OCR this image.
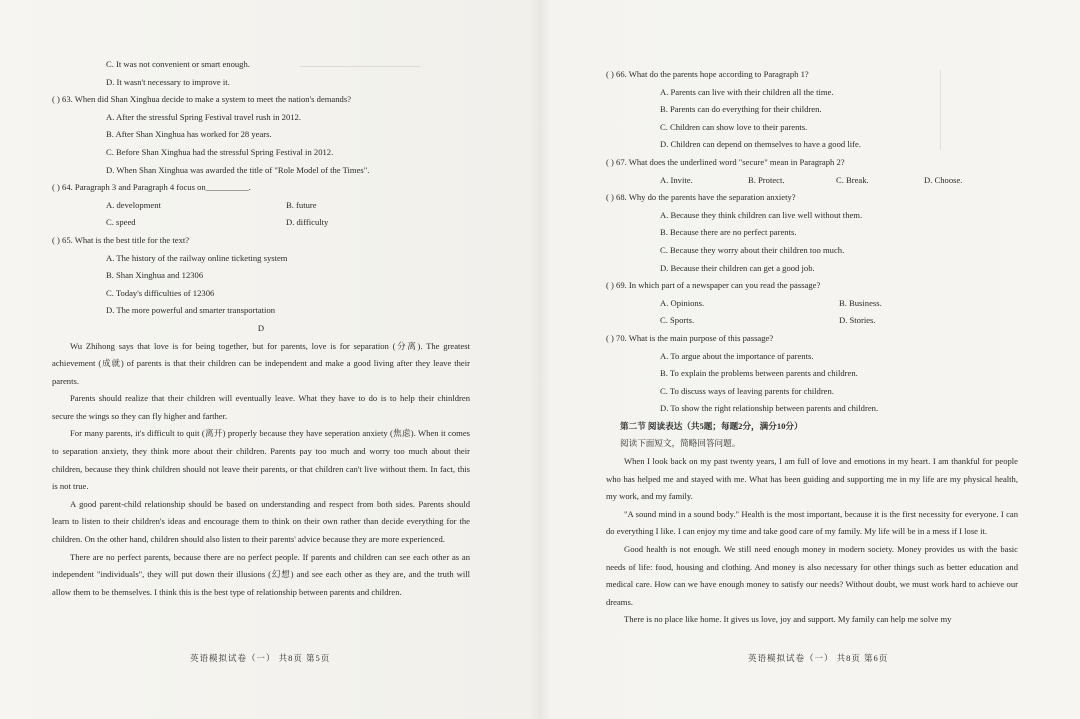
C. It was not convenient or smart enough.
D. It wasn't necessary to improve it.
( ) 63. When did Shan Xinghua decide to make a system to meet the nation's demands?
A. After the stressful Spring Festival travel rush in 2012.
B. After Shan Xinghua has worked for 28 years.
C. Before Shan Xinghua had the stressful Spring Festival in 2012.
D. When Shan Xinghua was awarded the title of "Role Model of the Times".
( ) 64. Paragraph 3 and Paragraph 4 focus on__________.
A. development	B. future
C. speed	D. difficulty
( ) 65. What is the best title for the text?
A. The history of the railway online ticketing system
B. Shan Xinghua and 12306
C. Today's difficulties of 12306
D. The more powerful and smarter transportation
D

Wu Zhihong says that love is for being together, but for parents, love is for separation (分离). The greatest achievement (成就) of parents is that their children can be independent and make a good living after they leave their parents.

Parents should realize that their children will eventually leave. What they have to do is to help their chinldren secure the wings so they can fly higher and farther.

For many parents, it's difficult to quit (离开) properly because they have seperation anxiety (焦虑). When it comes to separation anxiety, they think more about their children. Parents pay too much and worry too much about their children, because they think children should not leave their parents, or that children can't live without them. In fact, this is not true.

A good parent-child relationship should be based on understanding and respect from both sides. Parents should learn to listen to their children's ideas and encourage them to think on their own rather than decide everything for the children. On the other hand, children should also listen to their parents' advice because they are more experienced.

There are no perfect parents, because there are no perfect people. If parents and children can see each other as an independent "individuals", they will put down their illusions (幻想) and see each other as they are, and the truth will allow them to be themselves. I think this is the best type of relationship between parents and children.

英语模拟试卷（一） 共8页 第5页
( ) 66. What do the parents hope according to Paragraph 1?
A. Parents can live with their children all the time.
B. Parents can do everything for their children.
C. Children can show love to their parents.
D. Children can depend on themselves to have a good life.
( ) 67. What does the underlined word "secure" mean in Paragraph 2?
A. Invite.	B. Protect.	C. Break.	D. Choose.
( ) 68. Why do the parents have the separation anxiety?
A. Because they think children can live well without them.
B. Because there are no perfect parents.
C. Because they worry about their children too much.
D. Because their children can get a good job.
( ) 69. In which part of a newspaper can you read the passage?
A. Opinions.	B. Business.
C. Sports.	D. Stories.
( ) 70. What is the main purpose of this passage?
A. To argue about the importance of parents.
B. To explain the problems between parents and children.
C. To discuss ways of leaving parents for children.
D. To show the right relationship between parents and children.
第二节 阅读表达（共5题；每题2分，满分10分）
阅读下面短文，简略回答问题。

When I look back on my past twenty years, I am full of love and emotions in my heart. I am thankful for people who has helped me and stayed with me. What has been guiding and supporting me in my life are my physical health, my work, and my family.

"A sound mind in a sound body." Health is the most important, because it is the first necessity for everyone. I can do everything I like. I can enjoy my time and take good care of my family. My life will be in a mess if I lose it.

Good health is not enough. We still need enough money in modern society. Money provides us with the basic needs of life: food, housing and clothing. And money is also necessary for other things such as better education and medical care. How can we have enough money to satisfy our needs? Without doubt, we must work hard to achieve our dreams.

There is no place like home. It gives us love, joy and support. My family can help me solve my

英语模拟试卷（一） 共8页 第6页
